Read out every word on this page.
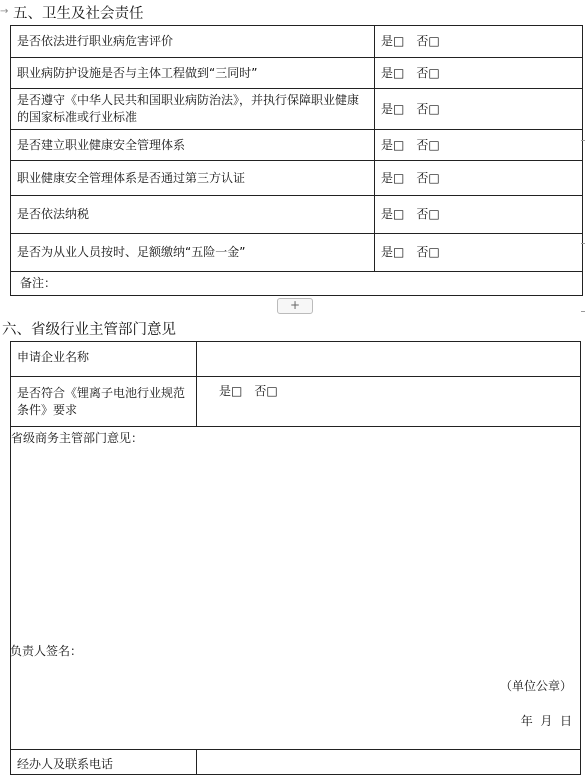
→ 五、卫生及社会责任
是否依法进行职业病危害评价	是□ 否□
职业病防护设施是否与主体工程做到“三同时”	是□ 否□
是否遵守《中华人民共和国职业病防治法》，并执行保障职业健康的国家标准或行业标准	是□ 否□
是否建立职业健康安全管理体系	是□ 否□
职业健康安全管理体系是否通过第三方认证	是□ 否□
是否依法纳税	是□ 否□
是否为从业人员按时、足额缴纳“五险一金”	是□ 否□
备注：	
+
六、省级行业主管部门意见
申请企业名称	
是否符合《锂离子电池行业规范条件》要求	是□ 否□

省级商务主管部门意见：
负责人签名：
（单位公章）
年  月  日	

经办人及联系电话	
